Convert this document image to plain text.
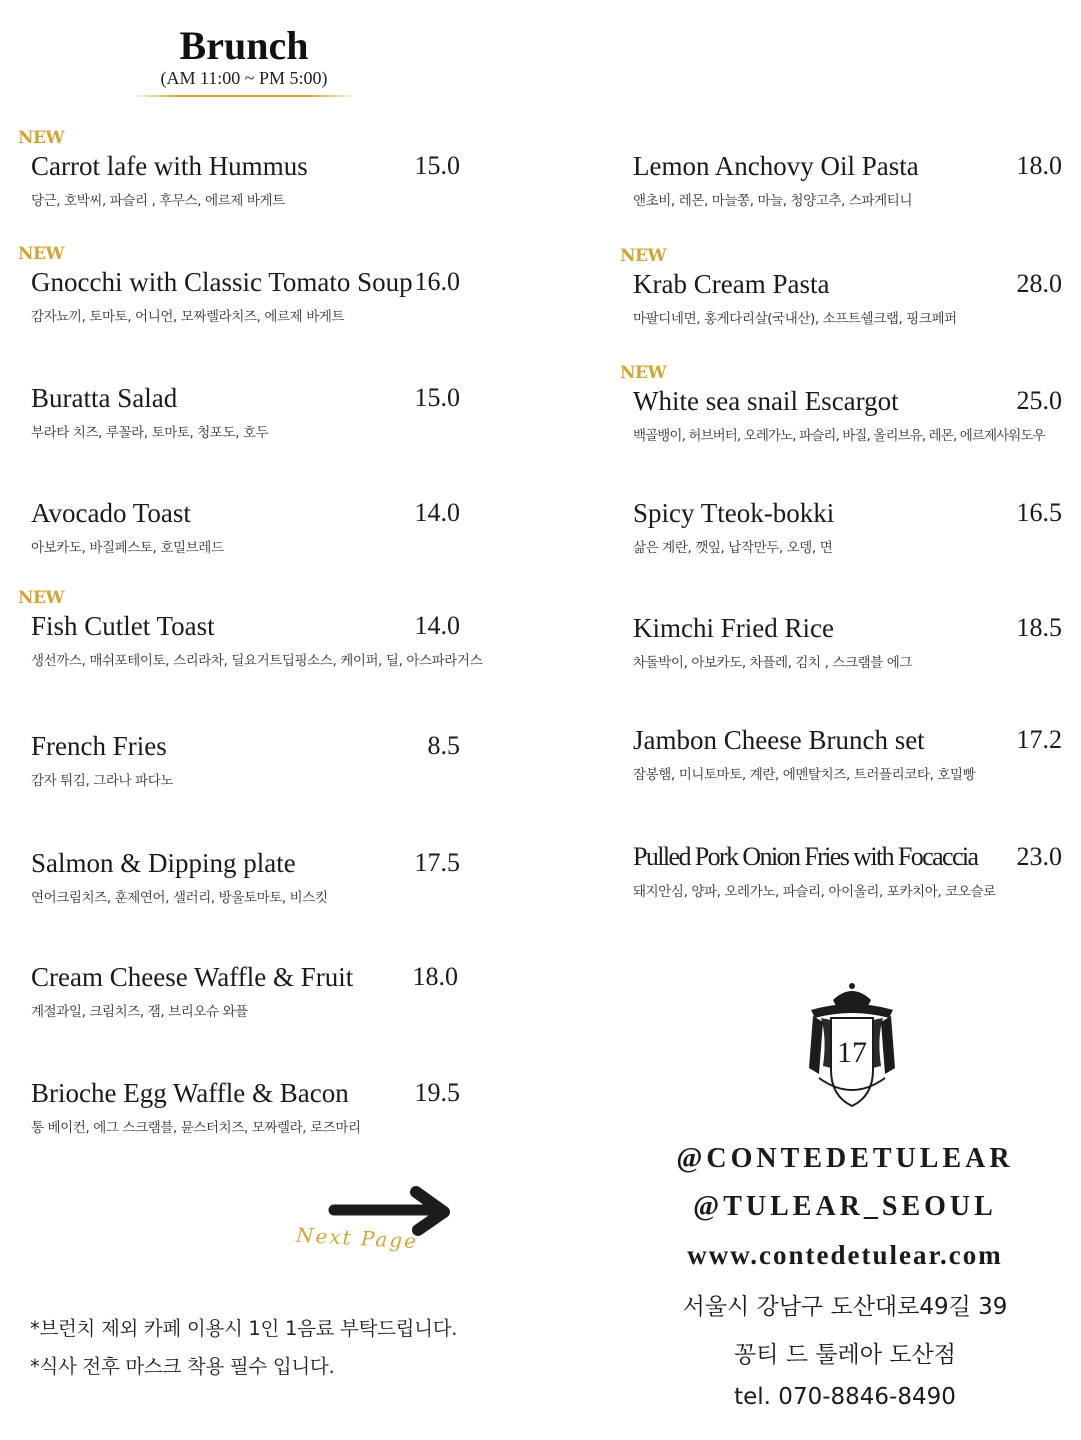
Brunch
(AM 11:00 ~ PM 5:00)
NEW
Carrot lafe with Hummus	15.0
당근, 호박씨, 파슬리 , 후무스, 에르제 바게트
NEW
Gnocchi with Classic Tomato Soup 16.0
감자뇨끼, 토마토, 어니언, 모짜렐라치즈, 에르제 바게트
Buratta Salad	15.0
부라타 치즈, 루꼴라, 토마토, 청포도, 호두
Avocado Toast	14.0
아보카도, 바질페스토, 호밀브레드
NEW
Fish Cutlet Toast	14.0
생선까스, 매쉬포테이토, 스리라차, 딜요거트딥핑소스, 케이퍼, 딜, 아스파라거스
French Fries	8.5
감자 튀김, 그라나 파다노
Salmon & Dipping plate	17.5
연어크림치즈, 훈제연어, 샐러리, 방울토마토, 비스킷
Cream Cheese Waffle & Fruit 18.0
계절과일, 크림치즈, 잼, 브리오슈 와플
Brioche Egg Waffle & Bacon	19.5
통 베이컨, 에그 스크램블, 뮨스터치즈, 모짜렐라, 로즈마리
Lemon Anchovy Oil Pasta	18.0
앤초비, 레몬, 마늘쫑, 마늘, 청양고추, 스파게티니
NEW
Krab Cream Pasta	28.0
마팔디네면, 홍게다리살(국내산), 소프트쉘크랩, 핑크페퍼
NEW
White sea snail Escargot	25.0
백골뱅이, 허브버터, 오레가노, 파슬리, 바질, 올리브유, 레몬, 에르제사워도우
Spicy Tteok-bokki	16.5
삶은 계란, 깻잎, 납작만두, 오뎅, 면
Kimchi Fried Rice	18.5
차돌박이, 아보카도, 차플레, 김치 , 스크램블 에그
Jambon Cheese Brunch set	17.2
잠봉햄, 미니토마토, 계란, 에멘탈치즈, 트러플리코타, 호밀빵
Pulled Pork Onion Fries with Focaccia 23.0
돼지안심, 양파, 오레가노, 파슬리, 아이올리, 포카치아, 코오슬로
Next Page
*브런치 제외 카페 이용시 1인 1음료 부탁드립니다.
*식사 전후 마스크 착용 필수 입니다.
17
@CONTEDETULEAR
@TULEAR_SEOUL
www.contedetulear.com
서울시 강남구 도산대로49길 39
꽁티 드 툴레아 도산점
tel. 070-8846-8490
